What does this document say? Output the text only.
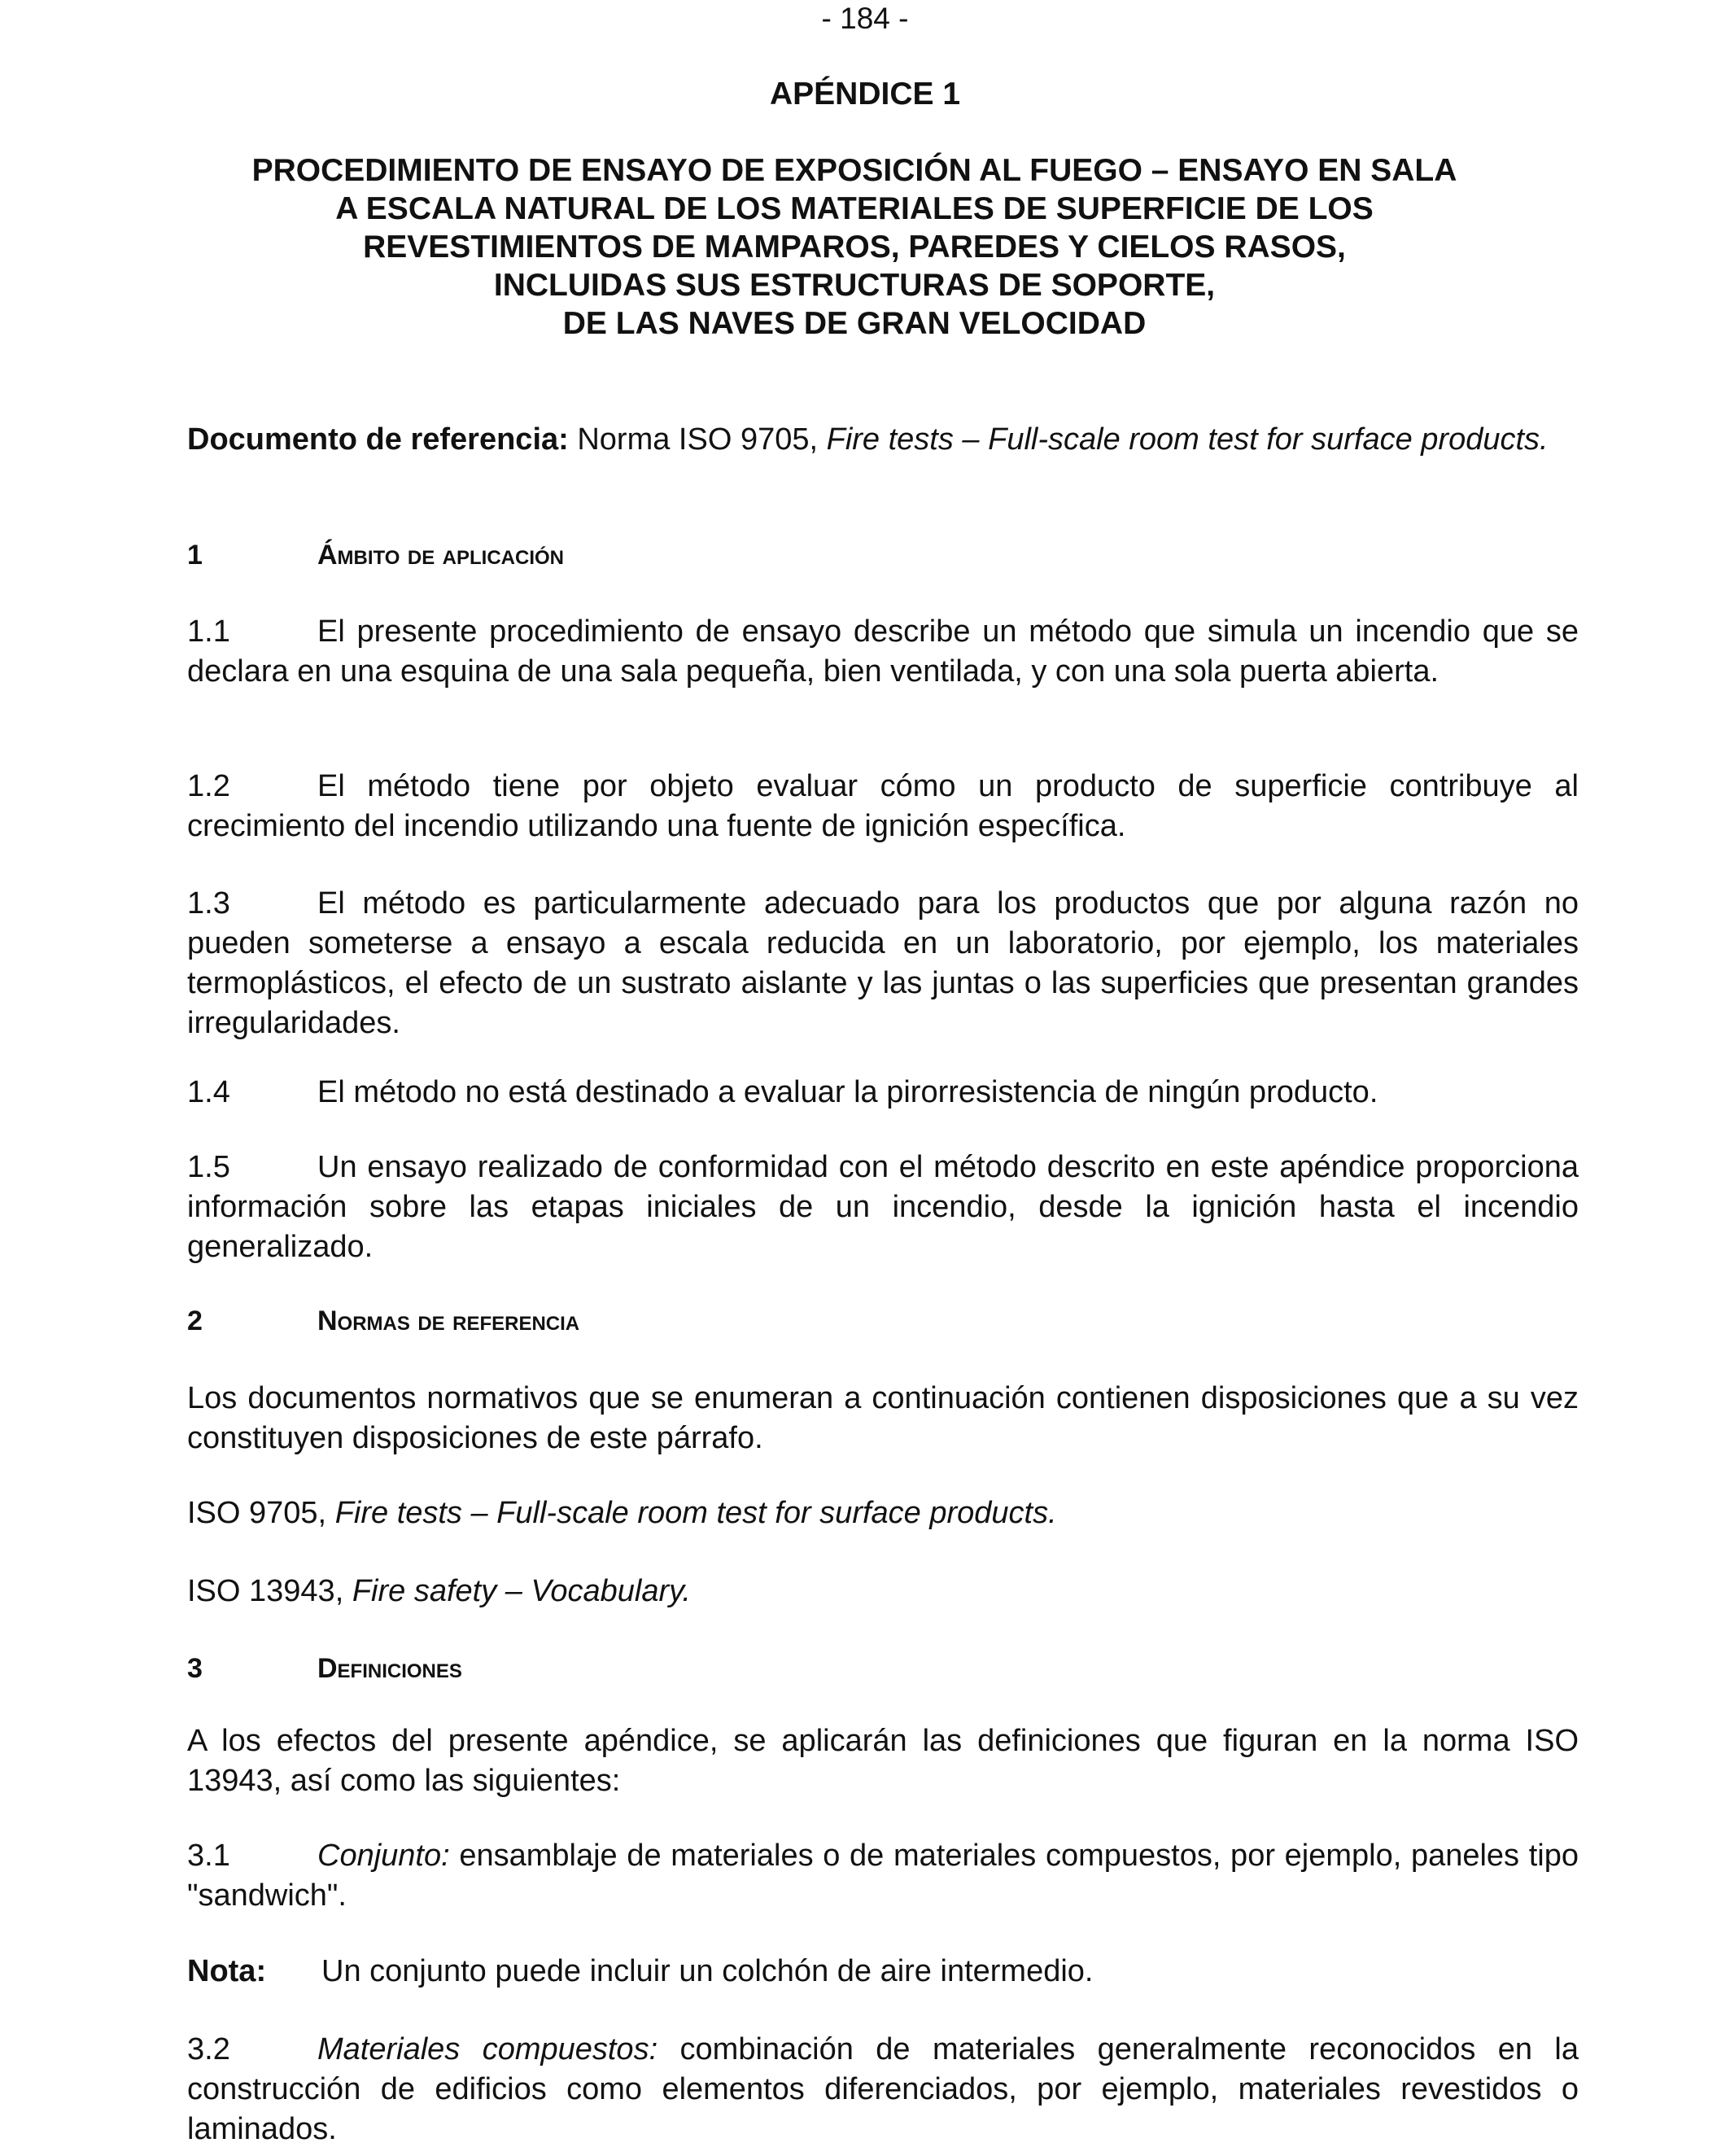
- 184 -
APÉNDICE 1
PROCEDIMIENTO DE ENSAYO DE EXPOSICIÓN AL FUEGO – ENSAYO EN SALA
A ESCALA NATURAL DE LOS MATERIALES DE SUPERFICIE DE LOS
REVESTIMIENTOS DE MAMPAROS, PAREDES Y CIELOS RASOS,
INCLUIDAS SUS ESTRUCTURAS DE SOPORTE,
DE LAS NAVES DE GRAN VELOCIDAD
Documento de referencia: Norma ISO 9705, Fire tests – Full-scale room test for surface products.
1	Ámbito de aplicación
1.1	El presente procedimiento de ensayo describe un método que simula un incendio que se declara en una esquina de una sala pequeña, bien ventilada, y con una sola puerta abierta.
1.2	El método tiene por objeto evaluar cómo un producto de superficie contribuye al crecimiento del incendio utilizando una fuente de ignición específica.
1.3	El método es particularmente adecuado para los productos que por alguna razón no pueden someterse a ensayo a escala reducida en un laboratorio, por ejemplo, los materiales termoplásticos, el efecto de un sustrato aislante y las juntas o las superficies que presentan grandes irregularidades.
1.4	El método no está destinado a evaluar la pirorresistencia de ningún producto.
1.5	Un ensayo realizado de conformidad con el método descrito en este apéndice proporciona información sobre las etapas iniciales de un incendio, desde la ignición hasta el incendio generalizado.
2	Normas de referencia
Los documentos normativos que se enumeran a continuación contienen disposiciones que a su vez constituyen disposiciones de este párrafo.
ISO 9705, Fire tests – Full-scale room test for surface products.
ISO 13943, Fire safety – Vocabulary.
3	Definiciones
A los efectos del presente apéndice, se aplicarán las definiciones que figuran en la norma ISO 13943, así como las siguientes:
3.1	Conjunto: ensamblaje de materiales o de materiales compuestos, por ejemplo, paneles tipo "sandwich".
Nota: Un conjunto puede incluir un colchón de aire intermedio.
3.2	Materiales compuestos: combinación de materiales generalmente reconocidos en la construcción de edificios como elementos diferenciados, por ejemplo, materiales revestidos o laminados.
